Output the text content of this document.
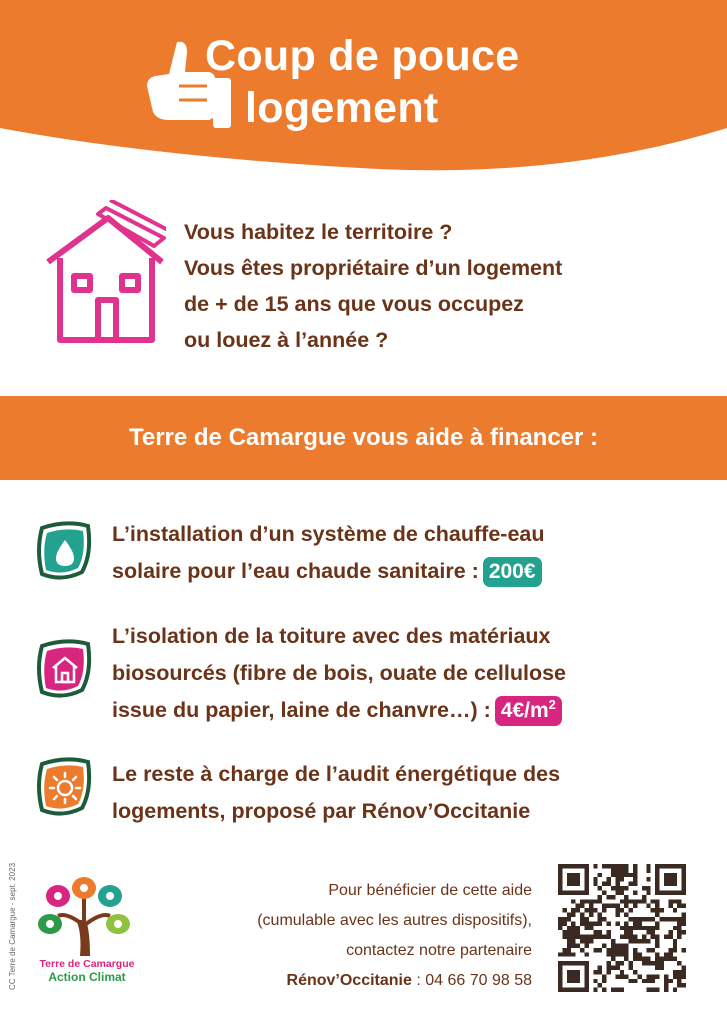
Coup de pouce
logement
Vous habitez le territoire ?
Vous êtes propriétaire d’un logement
de + de 15 ans que vous occupez
ou louez à l’année ?
Terre de Camargue vous aide à financer :
L’installation d’un système de chauffe-eau
solaire pour l’eau chaude sanitaire : 200€
L’isolation de la toiture avec des matériaux
biosourcés (fibre de bois, ouate de cellulose
issue du papier, laine de chanvre…) : $4€/m^2$
Le reste à charge de l’audit énergétique des
logements, proposé par Rénov’Occitanie
CC Terre de Camargue - sept. 2023	Terre de Camargue
Action Climat
Pour bénéficier de cette aide
(cumulable avec les autres dispositifs),
contactez notre partenaire
Rénov’Occitanie : 04 66 70 98 58
